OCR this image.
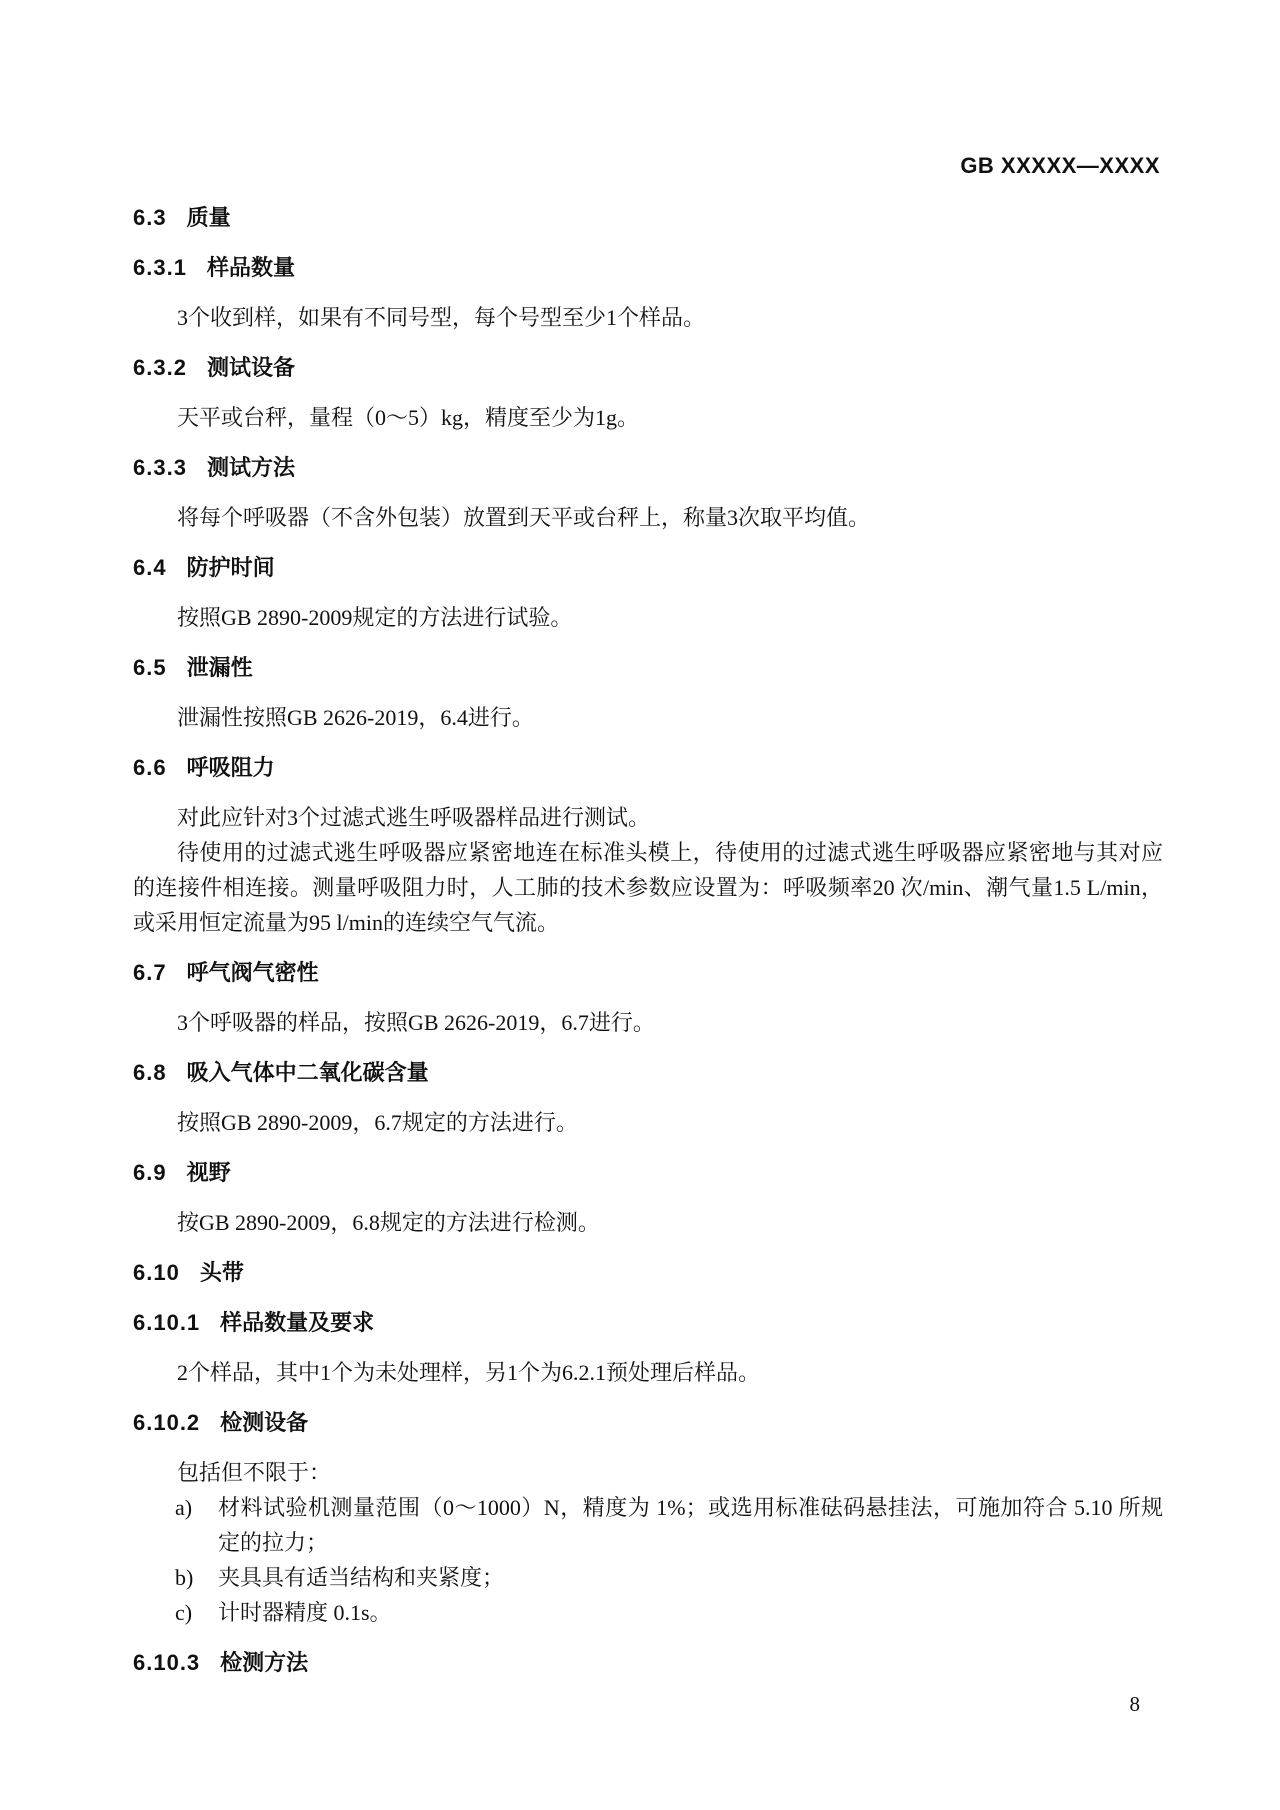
GB XXXXX—XXXX
6.3 质量
6.3.1 样品数量

3个收到样，如果有不同号型，每个号型至少1个样品。

6.3.2 测试设备

天平或台秤，量程（0～5）kg，精度至少为1g。

6.3.3 测试方法

将每个呼吸器（不含外包装）放置到天平或台秤上，称量3次取平均值。

6.4 防护时间

按照GB 2890-2009规定的方法进行试验。

6.5 泄漏性

泄漏性按照GB 2626-2019，6.4进行。

6.6 呼吸阻力

对此应针对3个过滤式逃生呼吸器样品进行测试。

待使用的过滤式逃生呼吸器应紧密地连在标准头模上，待使用的过滤式逃生呼吸器应紧密地与其对应的连接件相连接。测量呼吸阻力时，人工肺的技术参数应设置为：呼吸频率20 次/min、潮气量1.5 L/min，或采用恒定流量为95 l/min的连续空气气流。

6.7 呼气阀气密性

3个呼吸器的样品，按照GB 2626-2019，6.7进行。

6.8 吸入气体中二氧化碳含量

按照GB 2890-2009，6.7规定的方法进行。

6.9 视野

按GB 2890-2009，6.8规定的方法进行检测。

6.10 头带
6.10.1 样品数量及要求

2个样品，其中1个为未处理样，另1个为6.2.1预处理后样品。

6.10.2 检测设备

包括但不限于：

a)	材料试验机测量范围（0～1000）N，精度为 1%；或选用标准砝码悬挂法，可施加符合 5.10 所规定的拉力；
b)	夹具具有适当结构和夹紧度；
c)	计时器精度 0.1s。
6.10.3 检测方法
8
